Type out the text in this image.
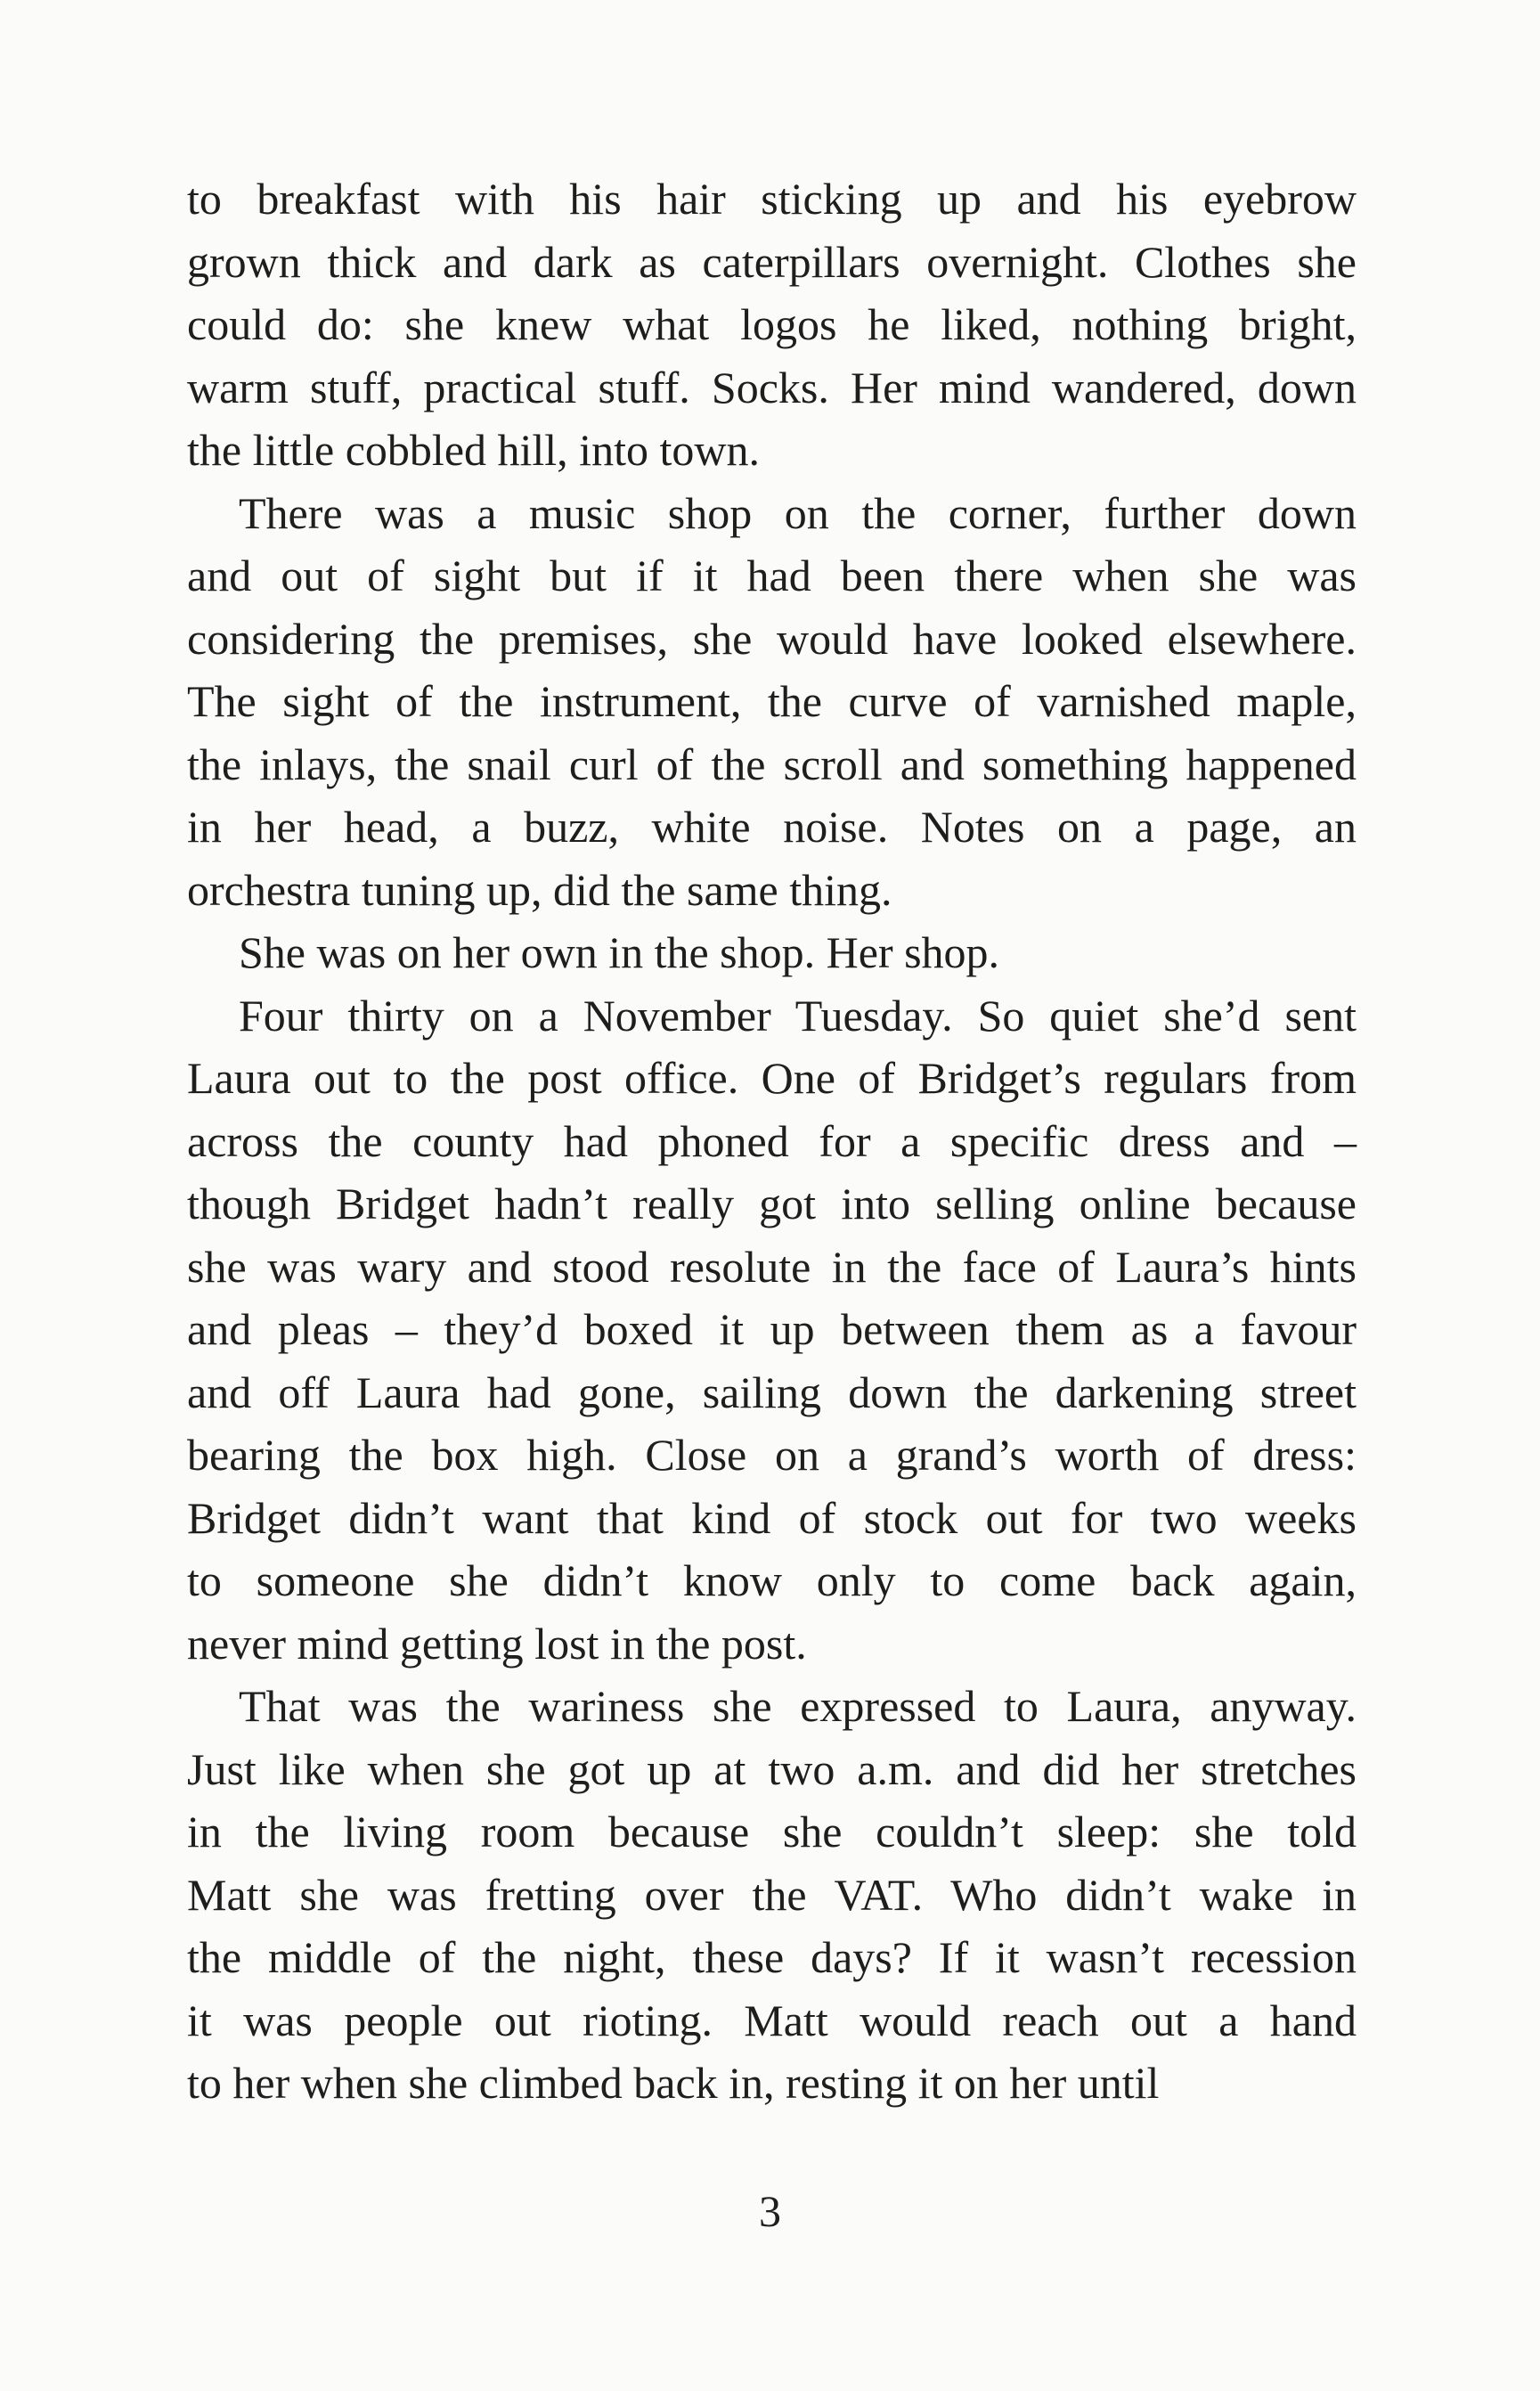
to breakfast with his hair sticking up and his eyebrow
grown thick and dark as caterpillars overnight. Clothes she
could do: she knew what logos he liked, nothing bright,
warm stuff, practical stuff. Socks. Her mind wandered, down
the little cobbled hill, into town.
There was a music shop on the corner, further down
and out of sight but if it had been there when she was
considering the premises, she would have looked elsewhere.
The sight of the instrument, the curve of varnished maple,
the inlays, the snail curl of the scroll and something happened
in her head, a buzz, white noise. Notes on a page, an
orchestra tuning up, did the same thing.
She was on her own in the shop. Her shop.
Four thirty on a November Tuesday. So quiet she’d sent
Laura out to the post office. One of Bridget’s regulars from
across the county had phoned for a specific dress and –
though Bridget hadn’t really got into selling online because
she was wary and stood resolute in the face of Laura’s hints
and pleas – they’d boxed it up between them as a favour
and off Laura had gone, sailing down the darkening street
bearing the box high. Close on a grand’s worth of dress:
Bridget didn’t want that kind of stock out for two weeks
to someone she didn’t know only to come back again,
never mind getting lost in the post.
That was the wariness she expressed to Laura, anyway.
Just like when she got up at two a.m. and did her stretches
in the living room because she couldn’t sleep: she told
Matt she was fretting over the VAT. Who didn’t wake in
the middle of the night, these days? If it wasn’t recession
it was people out rioting. Matt would reach out a hand
to her when she climbed back in, resting it on her until
3
